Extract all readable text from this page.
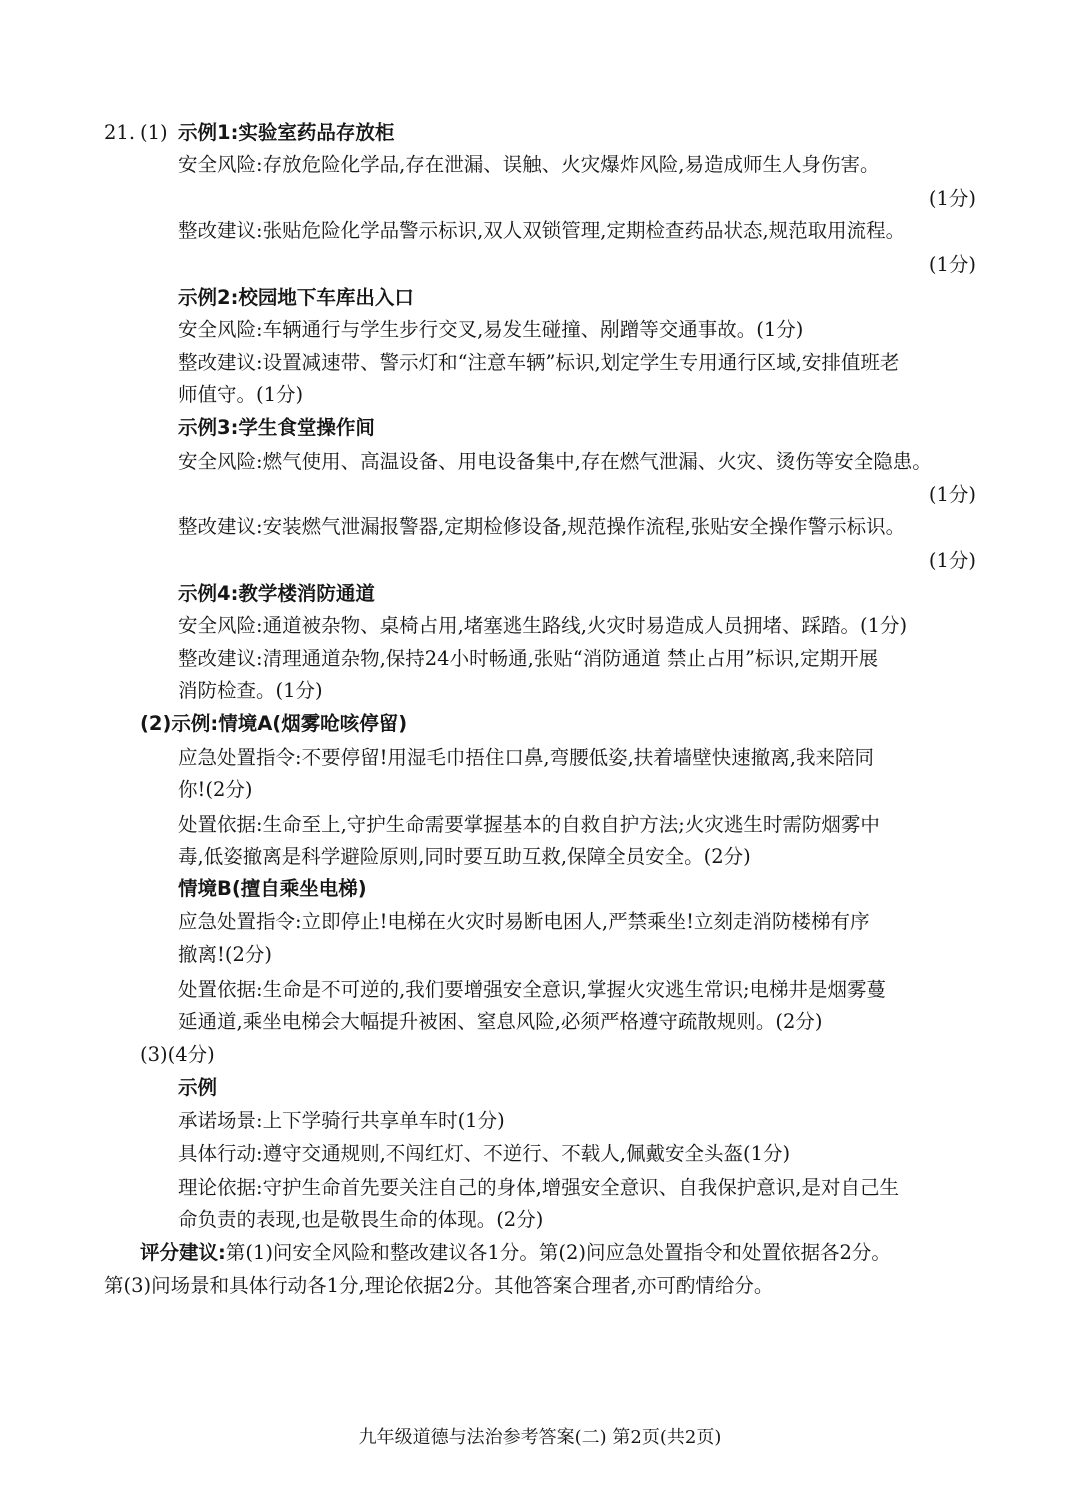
21. (1) 示例1:实验室药品存放柜
安全风险:存放危险化学品,存在泄漏、误触、火灾爆炸风险,易造成师生人身伤害。
(1分)
整改建议:张贴危险化学品警示标识,双人双锁管理,定期检查药品状态,规范取用流程。
(1分)
示例2:校园地下车库出入口
安全风险:车辆通行与学生步行交叉,易发生碰撞、剐蹭等交通事故。(1分)
整改建议:设置减速带、警示灯和“注意车辆”标识,划定学生专用通行区域,安排值班老
师值守。(1分)
示例3:学生食堂操作间
安全风险:燃气使用、高温设备、用电设备集中,存在燃气泄漏、火灾、烫伤等安全隐患。
(1分)
整改建议:安装燃气泄漏报警器,定期检修设备,规范操作流程,张贴安全操作警示标识。
(1分)
示例4:教学楼消防通道
安全风险:通道被杂物、桌椅占用,堵塞逃生路线,火灾时易造成人员拥堵、踩踏。(1分)
整改建议:清理通道杂物,保持24小时畅通,张贴“消防通道 禁止占用”标识,定期开展
消防检查。(1分)
(2)示例:情境A(烟雾呛咳停留)
应急处置指令:不要停留!用湿毛巾捂住口鼻,弯腰低姿,扶着墙壁快速撤离,我来陪同
你!(2分)
处置依据:生命至上,守护生命需要掌握基本的自救自护方法;火灾逃生时需防烟雾中
毒,低姿撤离是科学避险原则,同时要互助互救,保障全员安全。(2分)
情境B(擅自乘坐电梯)
应急处置指令:立即停止!电梯在火灾时易断电困人,严禁乘坐!立刻走消防楼梯有序
撤离!(2分)
处置依据:生命是不可逆的,我们要增强安全意识,掌握火灾逃生常识;电梯井是烟雾蔓
延通道,乘坐电梯会大幅提升被困、窒息风险,必须严格遵守疏散规则。(2分)
(3)(4分)
示例
承诺场景:上下学骑行共享单车时(1分)
具体行动:遵守交通规则,不闯红灯、不逆行、不载人,佩戴安全头盔(1分)
理论依据:守护生命首先要关注自己的身体,增强安全意识、自我保护意识,是对自己生
命负责的表现,也是敬畏生命的体现。(2分)
评分建议:第(1)问安全风险和整改建议各1分。第(2)问应急处置指令和处置依据各2分。
第(3)问场景和具体行动各1分,理论依据2分。其他答案合理者,亦可酌情给分。
九年级道德与法治参考答案(二) 第2页(共2页)
